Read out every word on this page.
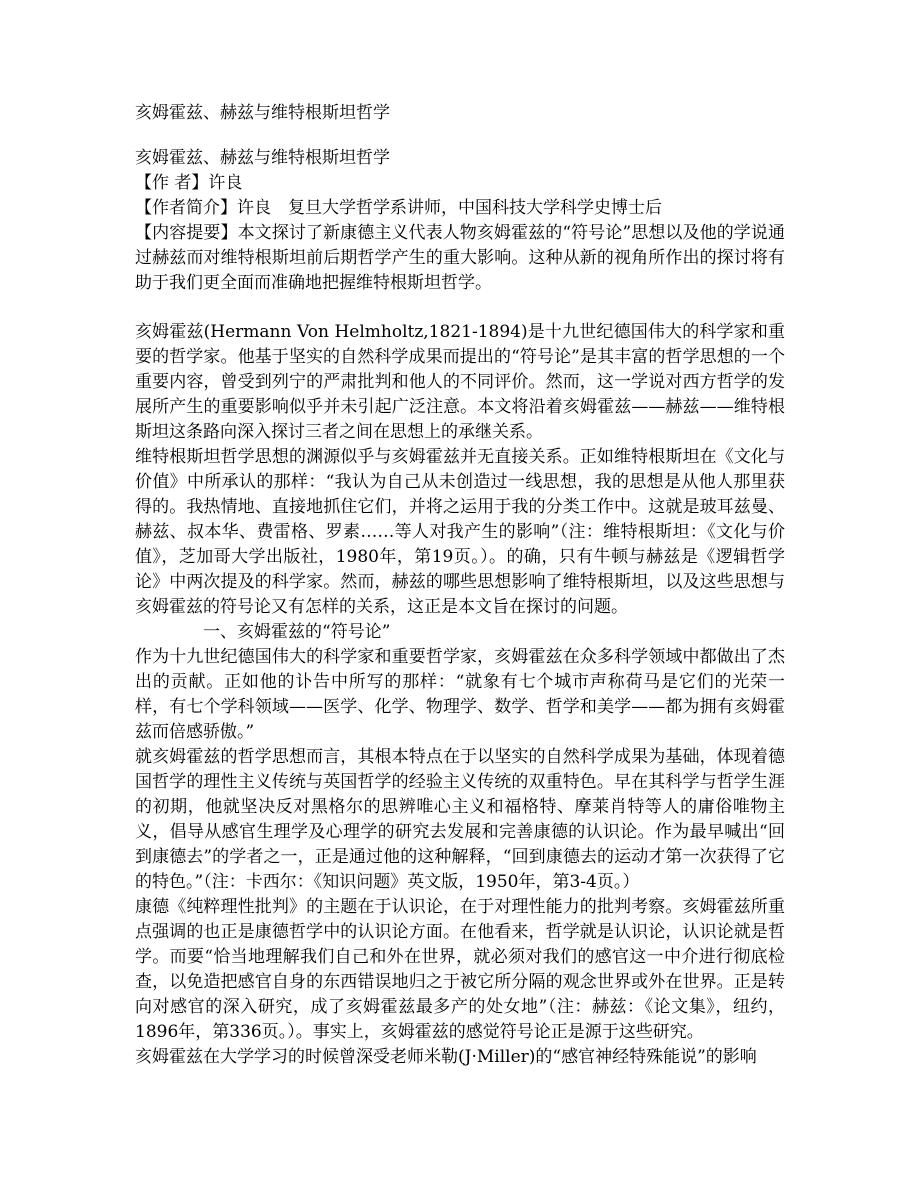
亥姆霍兹、赫兹与维特根斯坦哲学

亥姆霍兹、赫兹与维特根斯坦哲学

【作 者】许良

【作者简介】许良　复旦大学哲学系讲师，中国科技大学科学史博士后

【内容提要】本文探讨了新康德主义代表人物亥姆霍兹的“符号论”思想以及他的学说通过赫兹而对维特根斯坦前后期哲学产生的重大影响。这种从新的视角所作出的探讨将有助于我们更全面而准确地把握维特根斯坦哲学。

亥姆霍兹(Hermann Von Helmholtz,1821-1894)是十九世纪德国伟大的科学家和重要的哲学家。他基于坚实的自然科学成果而提出的“符号论”是其丰富的哲学思想的一个重要内容，曾受到列宁的严肃批判和他人的不同评价。然而，这一学说对西方哲学的发展所产生的重要影响似乎并未引起广泛注意。本文将沿着亥姆霍兹——赫兹——维特根斯坦这条路向深入探讨三者之间在思想上的承继关系。

维特根斯坦哲学思想的渊源似乎与亥姆霍兹并无直接关系。正如维特根斯坦在《文化与价值》中所承认的那样：“我认为自己从未创造过一线思想，我的思想是从他人那里获得的。我热情地、直接地抓住它们，并将之运用于我的分类工作中。这就是玻耳兹曼、赫兹、叔本华、费雷格、罗素……等人对我产生的影响”（注：维特根斯坦：《文化与价值》，芝加哥大学出版社，1980年，第19页。）。的确，只有牛顿与赫兹是《逻辑哲学论》中两次提及的科学家。然而，赫兹的哪些思想影响了维特根斯坦，以及这些思想与亥姆霍兹的符号论又有怎样的关系，这正是本文旨在探讨的问题。

一、亥姆霍兹的“符号论”

作为十九世纪德国伟大的科学家和重要哲学家，亥姆霍兹在众多科学领域中都做出了杰出的贡献。正如他的讣告中所写的那样：“就象有七个城市声称荷马是它们的光荣一样，有七个学科领域——医学、化学、物理学、数学、哲学和美学——都为拥有亥姆霍兹而倍感骄傲。”

就亥姆霍兹的哲学思想而言，其根本特点在于以坚实的自然科学成果为基础，体现着德国哲学的理性主义传统与英国哲学的经验主义传统的双重特色。早在其科学与哲学生涯的初期，他就坚决反对黑格尔的思辨唯心主义和福格特、摩莱肖特等人的庸俗唯物主义，倡导从感官生理学及心理学的研究去发展和完善康德的认识论。作为最早喊出“回到康德去”的学者之一，正是通过他的这种解释，“回到康德去的运动才第一次获得了它的特色。”（注：卡西尔：《知识问题》英文版，1950年，第3-4页。）

康德《纯粹理性批判》的主题在于认识论，在于对理性能力的批判考察。亥姆霍兹所重点强调的也正是康德哲学中的认识论方面。在他看来，哲学就是认识论，认识论就是哲学。而要“恰当地理解我们自己和外在世界，就必须对我们的感官这一中介进行彻底检查，以免造把感官自身的东西错误地归之于被它所分隔的观念世界或外在世界。正是转向对感官的深入研究，成了亥姆霍兹最多产的处女地”（注：赫兹：《论文集》，纽约，1896年，第336页。）。事实上，亥姆霍兹的感觉符号论正是源于这些研究。

亥姆霍兹在大学学习的时候曾深受老师米勒(J·Miller)的“感官神经特殊能说”的影响
